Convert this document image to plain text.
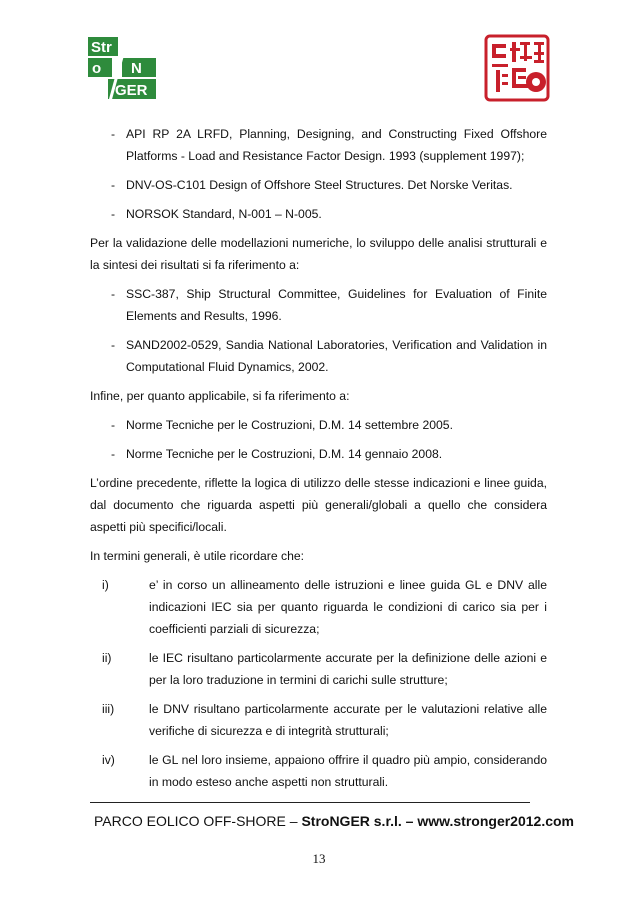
Str
o N
GER
- API RP 2A LRFD, Planning, Designing, and Constructing Fixed Offshore Platforms - Load and Resistance Factor Design. 1993 (supplement 1997);
- DNV-OS-C101 Design of Offshore Steel Structures. Det Norske Veritas.
- NORSOK Standard, N-001 – N-005.

Per la validazione delle modellazioni numeriche, lo sviluppo delle analisi strutturali e la sintesi dei risultati si fa riferimento a:

- SSC-387, Ship Structural Committee, Guidelines for Evaluation of Finite Elements and Results, 1996.
- SAND2002-0529, Sandia National Laboratories, Verification and Validation in Computational Fluid Dynamics, 2002.

Infine, per quanto applicabile, si fa riferimento a:

- Norme Tecniche per le Costruzioni, D.M. 14 settembre 2005.
- Norme Tecniche per le Costruzioni, D.M. 14 gennaio 2008.

L’ordine precedente, riflette la logica di utilizzo delle stesse indicazioni e linee guida, dal documento che riguarda aspetti più generali/globali a quello che considera aspetti più specifici/locali.

In termini generali, è utile ricordare che:

i)	e’ in corso un allineamento delle istruzioni e linee guida GL e DNV alle indicazioni IEC sia per quanto riguarda le condizioni di carico sia per i coefficienti parziali di sicurezza;
ii)	le IEC risultano particolarmente accurate per la definizione delle azioni e per la loro traduzione in termini di carichi sulle strutture;
iii)	le DNV risultano particolarmente accurate per le valutazioni relative alle verifiche di sicurezza e di integrità strutturali;
iv)	le GL nel loro insieme, appaiono offrire il quadro più ampio, considerando in modo esteso anche aspetti non strutturali.
PARCO EOLICO OFF-SHORE – StroNGER s.r.l. – www.stronger2012.com
13
